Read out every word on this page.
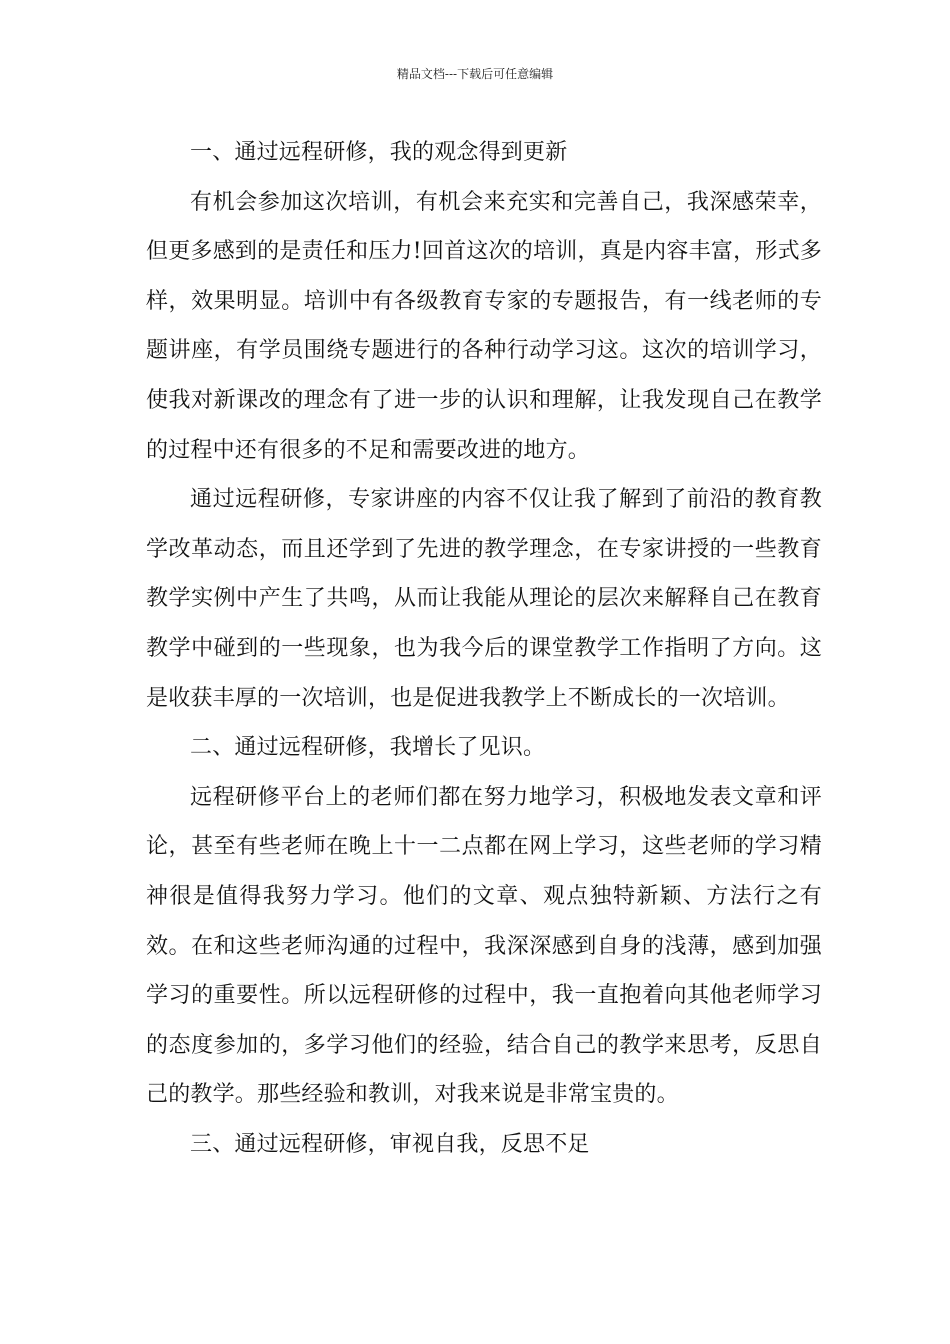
精品文档---下载后可任意编辑

一、通过远程研修，我的观念得到更新

有机会参加这次培训，有机会来充实和完善自己，我深感荣幸，但更多感到的是责任和压力!回首这次的培训，真是内容丰富，形式多样，效果明显。培训中有各级教育专家的专题报告，有一线老师的专题讲座，有学员围绕专题进行的各种行动学习这。这次的培训学习，使我对新课改的理念有了进一步的认识和理解，让我发现自己在教学的过程中还有很多的不足和需要改进的地方。

通过远程研修，专家讲座的内容不仅让我了解到了前沿的教育教学改革动态，而且还学到了先进的教学理念，在专家讲授的一些教育教学实例中产生了共鸣，从而让我能从理论的层次来解释自己在教育教学中碰到的一些现象，也为我今后的课堂教学工作指明了方向。这是收获丰厚的一次培训，也是促进我教学上不断成长的一次培训。

二、通过远程研修，我增长了见识。

远程研修平台上的老师们都在努力地学习，积极地发表文章和评论，甚至有些老师在晚上十一二点都在网上学习，这些老师的学习精神很是值得我努力学习。他们的文章、观点独特新颖、方法行之有效。在和这些老师沟通的过程中，我深深感到自身的浅薄，感到加强学习的重要性。所以远程研修的过程中，我一直抱着向其他老师学习的态度参加的，多学习他们的经验，结合自己的教学来思考，反思自己的教学。那些经验和教训，对我来说是非常宝贵的。

三、通过远程研修，审视自我，反思不足
